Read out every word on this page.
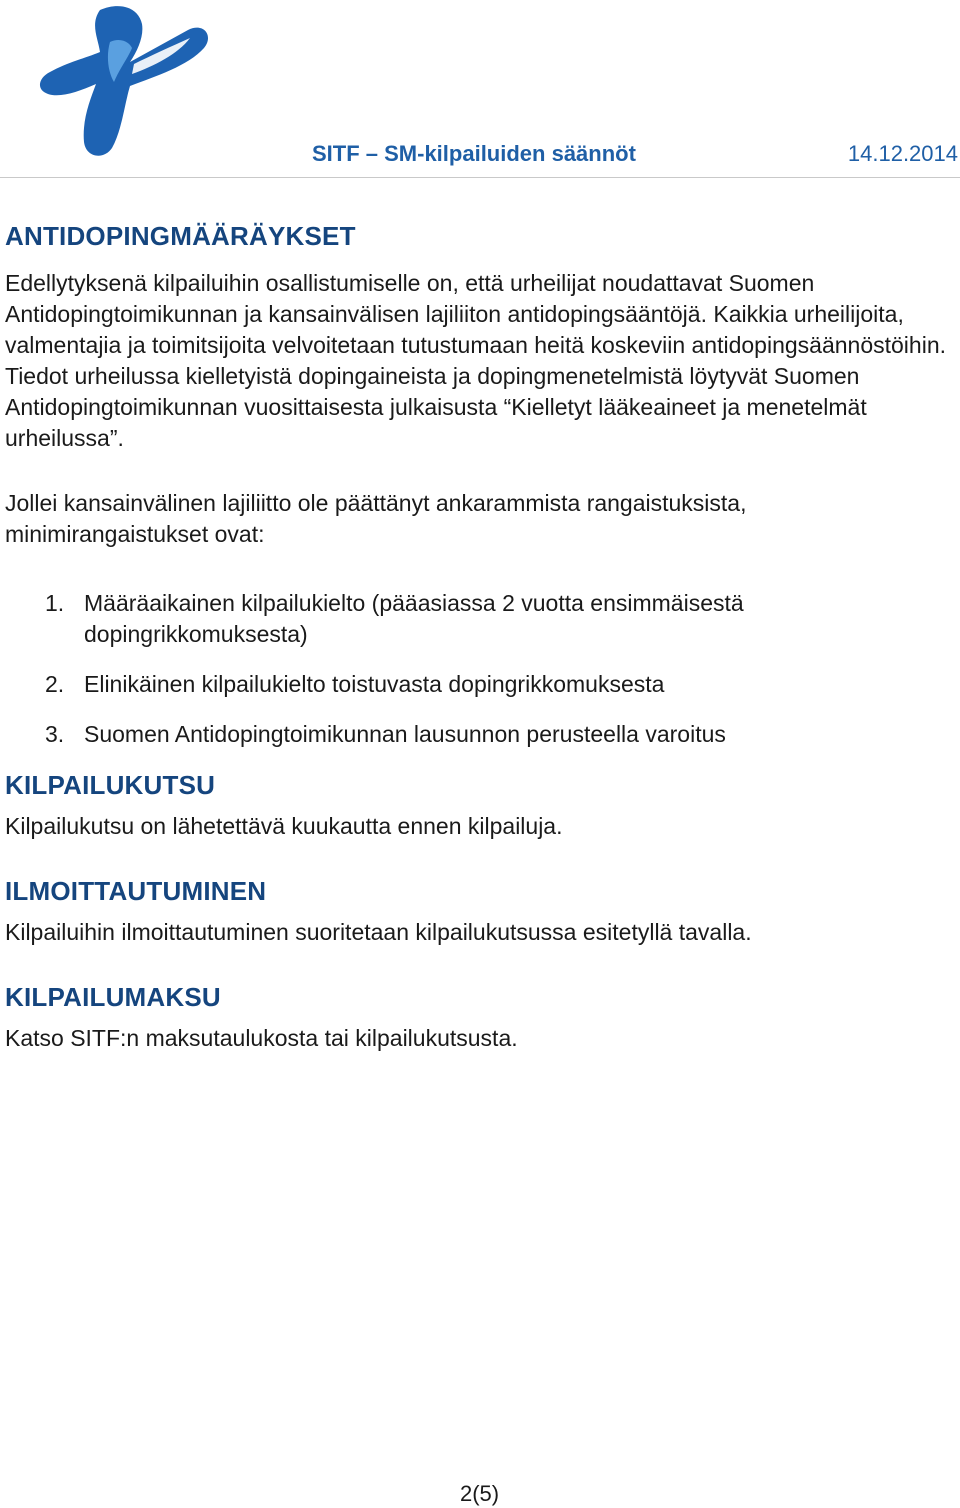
SITF – SM-kilpailuiden säännöt	14.12.2014
ANTIDOPINGMÄÄRÄYKSET

Edellytyksenä kilpailuihin osallistumiselle on, että urheilijat noudattavat Suomen Antidopingtoimikunnan ja kansainvälisen lajiliiton antidopingsääntöjä. Kaikkia urheilijoita, valmentajia ja toimitsijoita velvoitetaan tutustumaan heitä koskeviin antidopingsäännöstöihin. Tiedot urheilussa kielletyistä dopingaineista ja dopingmenetelmistä löytyvät Suomen Antidopingtoimikunnan vuosittaisesta julkaisusta “Kielletyt lääkeaineet ja menetelmät urheilussa”.

Jollei kansainvälinen lajiliitto ole päättänyt ankarammista rangaistuksista, minimirangaistukset ovat:

1. Määräaikainen kilpailukielto (pääasiassa 2 vuotta ensimmäisestä dopingrikkomuksesta)
2. Elinikäinen kilpailukielto toistuvasta dopingrikkomuksesta
3. Suomen Antidopingtoimikunnan lausunnon perusteella varoitus
KILPAILUKUTSU

Kilpailukutsu on lähetettävä kuukautta ennen kilpailuja.

ILMOITTAUTUMINEN

Kilpailuihin ilmoittautuminen suoritetaan kilpailukutsussa esitetyllä tavalla.

KILPAILUMAKSU

Katso SITF:n maksutaulukosta tai kilpailukutsusta.

2(5)
